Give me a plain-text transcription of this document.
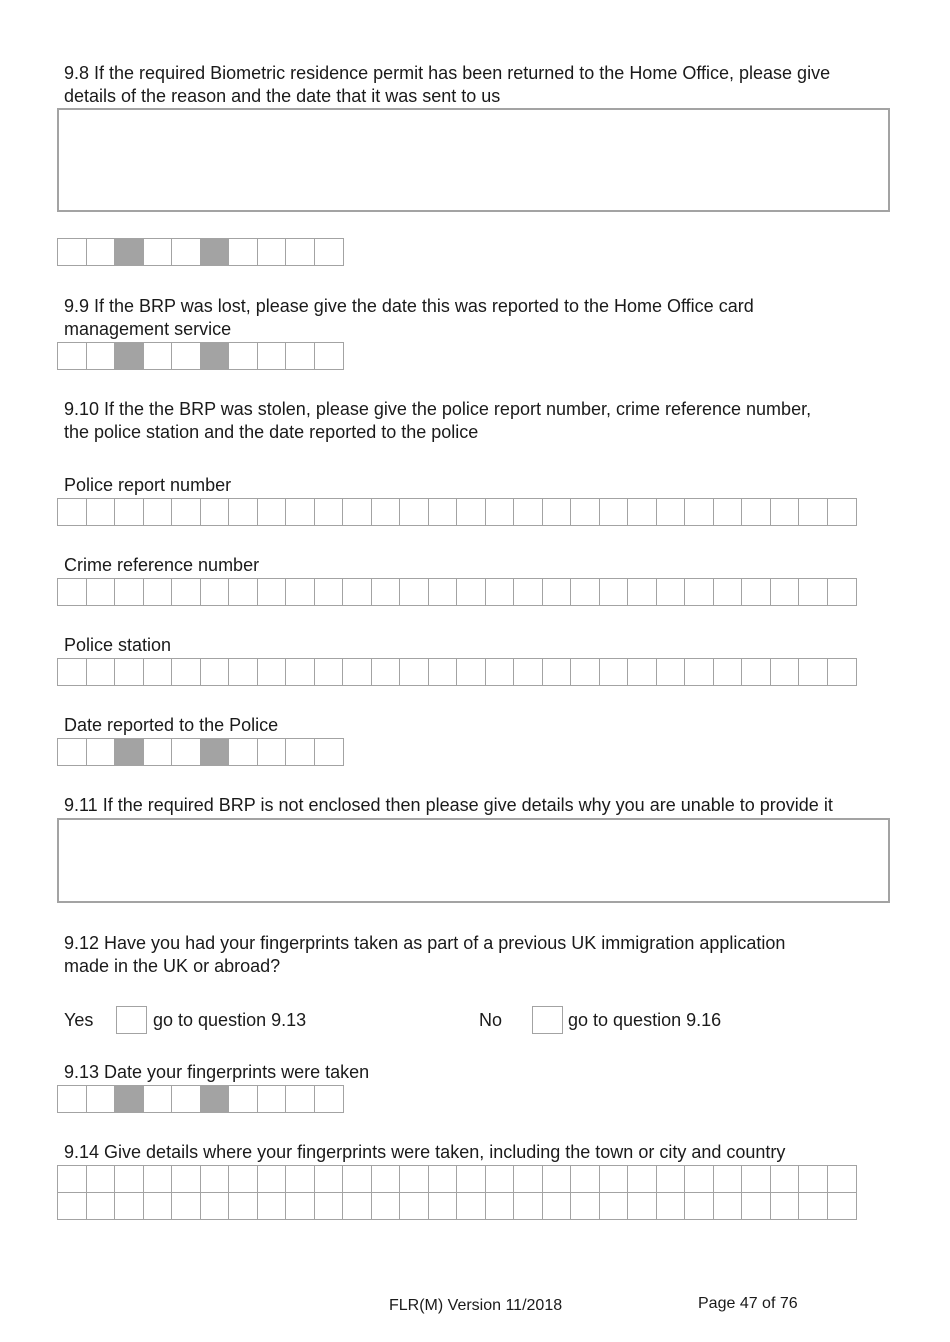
9.8 If the required Biometric residence permit has been returned to the Home Office, please give
details of the reason and the date that it was sent to us
9.9 If the BRP was lost, please give the date this was reported to the Home Office card
management service
9.10 If the the BRP was stolen, please give the police report number, crime reference number,
the police station and the date reported to the police
Police report number
Crime reference number
Police station
Date reported to the Police
9.11 If the required BRP is not enclosed then please give details why you are unable to provide it
9.12 Have you had your fingerprints taken as part of a previous UK immigration application
made in the UK or abroad?
Yes	go to question 9.13	No	go to question 9.16
9.13 Date your fingerprints were taken
9.14 Give details where your fingerprints were taken, including the town or city and country
FLR(M) Version 11/2018	Page 47 of 76
